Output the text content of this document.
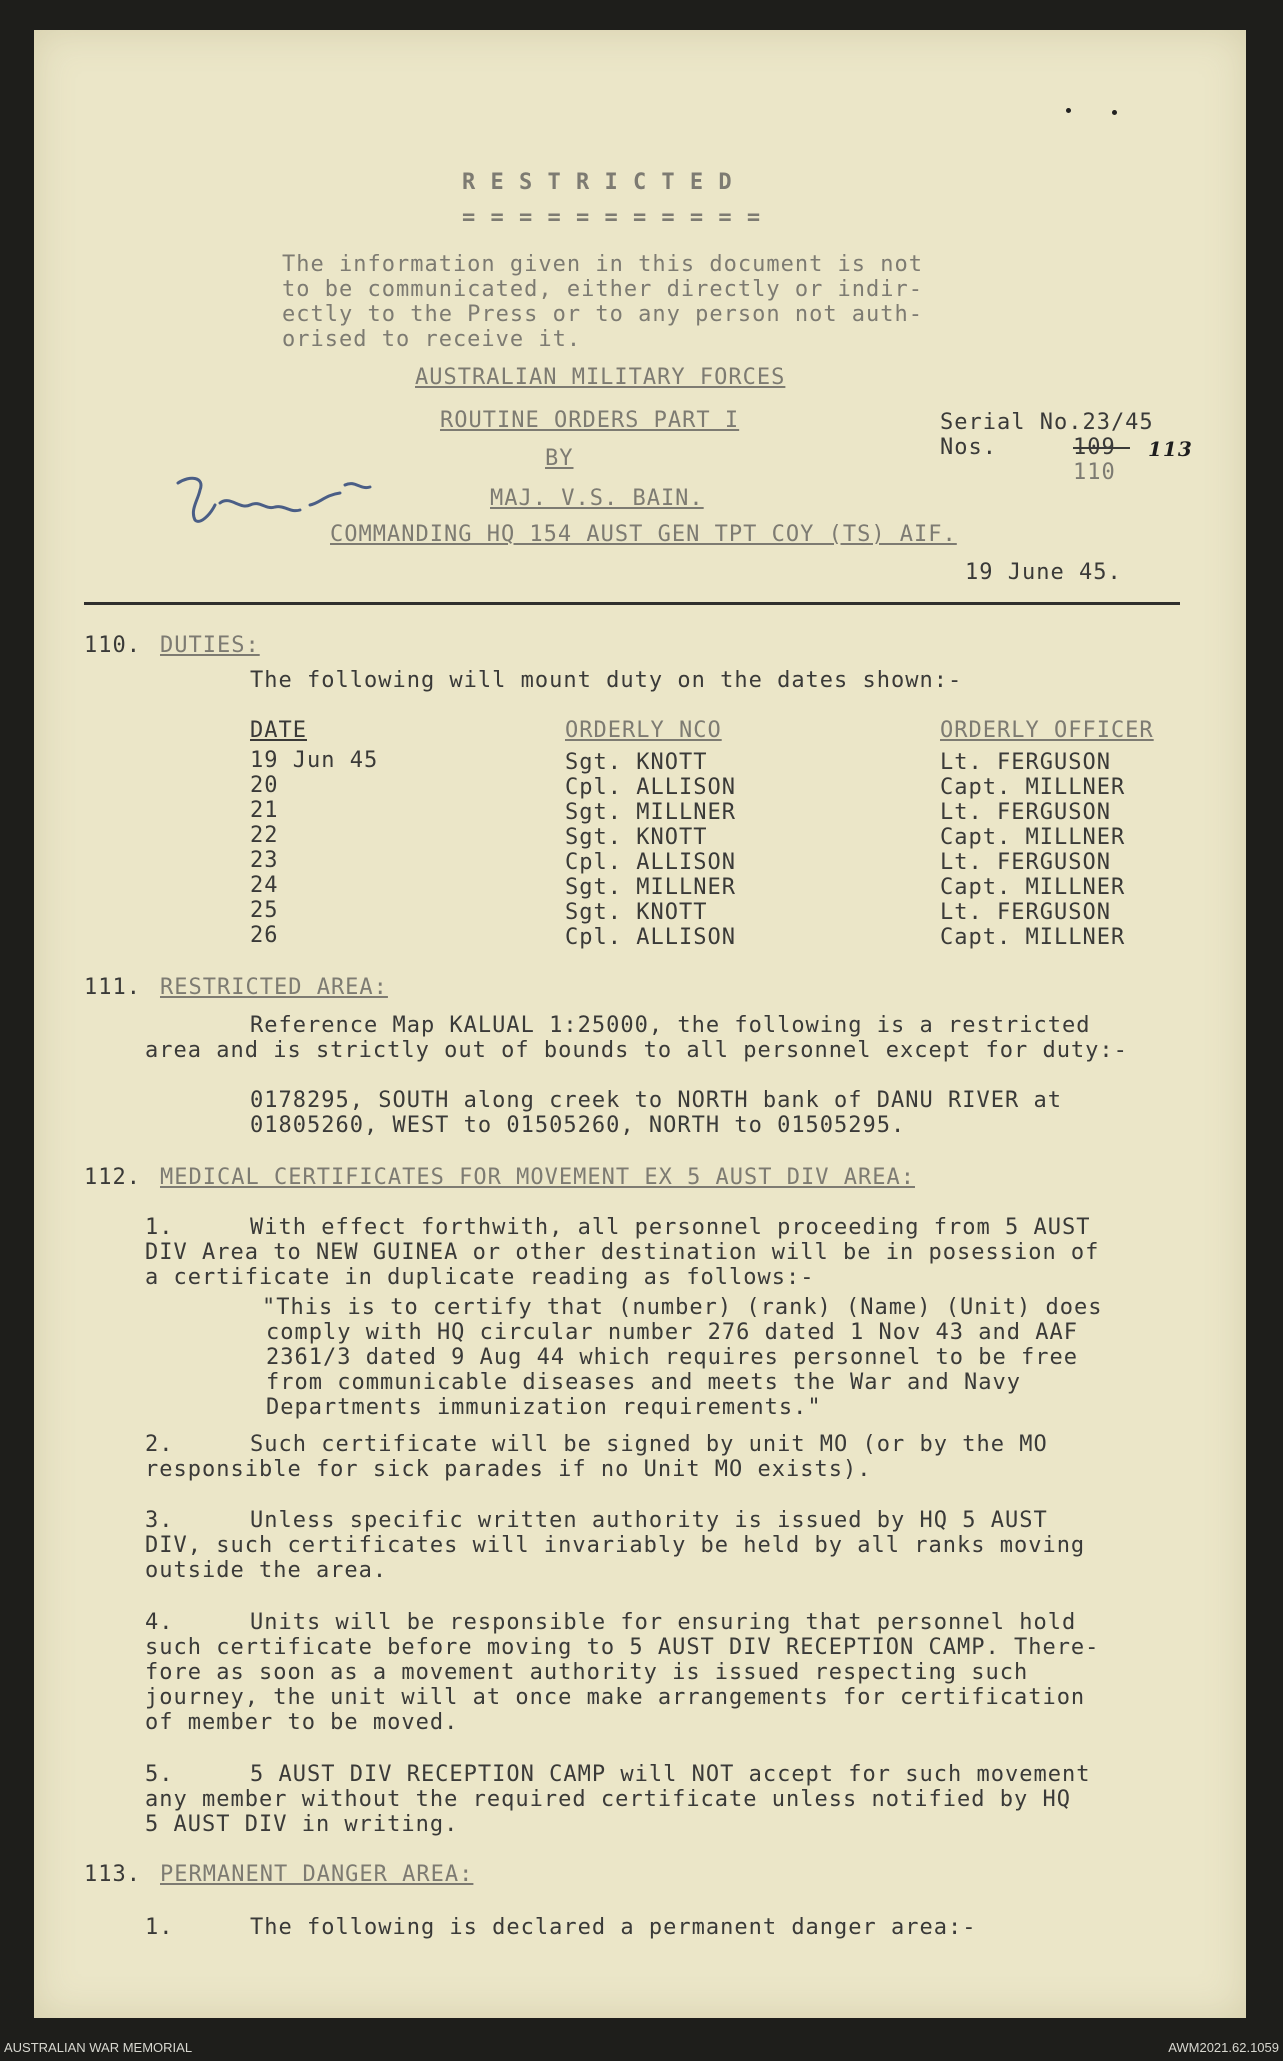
R E S T R I C T E D
= = = = = = = = = = =
The information given in this document is not
to be communicated, either directly or indir-
ectly to the Press or to any person not auth-
orised to receive it.
AUSTRALIAN MILITARY FORCES
ROUTINE ORDERS PART I
BY
MAJ. V.S. BAIN.
COMMANDING HQ 154 AUST GEN TPT COY (TS) AIF.
Serial No.23/45
Nos.	109- 113
110
19 June 45.
110. DUTIES:
The following will mount duty on the dates shown:-
DATE	ORDERLY NCO	ORDERLY OFFICER
19 Jun 45	Sgt. KNOTT	Lt. FERGUSON
20	Cpl. ALLISON	Capt. MILLNER
21	Sgt. MILLNER	Lt. FERGUSON
22	Sgt. KNOTT	Capt. MILLNER
23	Cpl. ALLISON	Lt. FERGUSON
24	Sgt. MILLNER	Capt. MILLNER
25	Sgt. KNOTT	Lt. FERGUSON
26	Cpl. ALLISON	Capt. MILLNER
111. RESTRICTED AREA:
Reference Map KALUAL 1:25000, the following is a restricted
area and is strictly out of bounds to all personnel except for duty:-
0178295, SOUTH along creek to NORTH bank of DANU RIVER at
01805260, WEST to 01505260, NORTH to 01505295.
112. MEDICAL CERTIFICATES FOR MOVEMENT EX 5 AUST DIV AREA:
1.	With effect forthwith, all personnel proceeding from 5 AUST
DIV Area to NEW GUINEA or other destination will be in posession of
a certificate in duplicate reading as follows:-
"This is to certify that (number) (rank) (Name) (Unit) does
comply with HQ circular number 276 dated 1 Nov 43 and AAF
2361/3 dated 9 Aug 44 which requires personnel to be free
from communicable diseases and meets the War and Navy
Departments immunization requirements."
2.	Such certificate will be signed by unit MO (or by the MO
responsible for sick parades if no Unit MO exists).
3.	Unless specific written authority is issued by HQ 5 AUST
DIV, such certificates will invariably be held by all ranks moving
outside the area.
4.	Units will be responsible for ensuring that personnel hold
such certificate before moving to 5 AUST DIV RECEPTION CAMP. There-
fore as soon as a movement authority is issued respecting such
journey, the unit will at once make arrangements for certification
of member to be moved.
5.	5 AUST DIV RECEPTION CAMP will NOT accept for such movement
any member without the required certificate unless notified by HQ
5 AUST DIV in writing.
113. PERMANENT DANGER AREA:
1.	The following is declared a permanent danger area:-
AUSTRALIAN WAR MEMORIAL	AWM2021.62.1059
